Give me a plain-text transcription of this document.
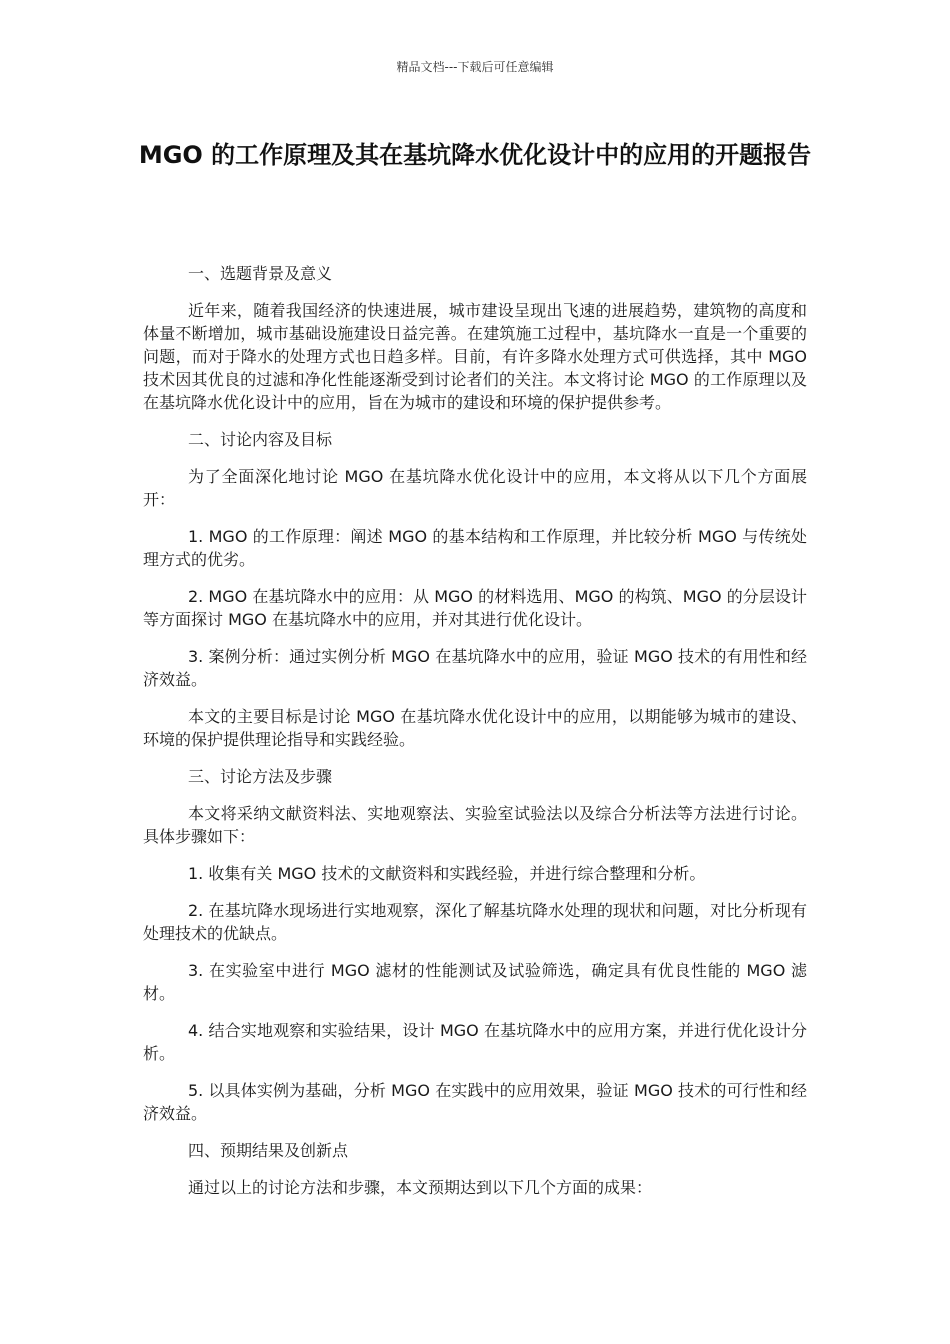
精品文档---下载后可任意编辑
MGO 的工作原理及其在基坑降水优化设计中的应用的开题报告

一、选题背景及意义

近年来，随着我国经济的快速进展，城市建设呈现出飞速的进展趋势，建筑物的高度和体量不断增加，城市基础设施建设日益完善。在建筑施工过程中，基坑降水一直是一个重要的问题，而对于降水的处理方式也日趋多样。目前，有许多降水处理方式可供选择，其中 MGO 技术因其优良的过滤和净化性能逐渐受到讨论者们的关注。本文将讨论 MGO 的工作原理以及在基坑降水优化设计中的应用，旨在为城市的建设和环境的保护提供参考。

二、讨论内容及目标

为了全面深化地讨论 MGO 在基坑降水优化设计中的应用，本文将从以下几个方面展开：

1. MGO 的工作原理：阐述 MGO 的基本结构和工作原理，并比较分析 MGO 与传统处理方式的优劣。

2. MGO 在基坑降水中的应用：从 MGO 的材料选用、MGO 的构筑、MGO 的分层设计等方面探讨 MGO 在基坑降水中的应用，并对其进行优化设计。

3. 案例分析：通过实例分析 MGO 在基坑降水中的应用，验证 MGO 技术的有用性和经济效益。

本文的主要目标是讨论 MGO 在基坑降水优化设计中的应用，以期能够为城市的建设、环境的保护提供理论指导和实践经验。

三、讨论方法及步骤

本文将采纳文献资料法、实地观察法、实验室试验法以及综合分析法等方法进行讨论。具体步骤如下：

1. 收集有关 MGO 技术的文献资料和实践经验，并进行综合整理和分析。

2. 在基坑降水现场进行实地观察，深化了解基坑降水处理的现状和问题，对比分析现有处理技术的优缺点。

3. 在实验室中进行 MGO 滤材的性能测试及试验筛选，确定具有优良性能的 MGO 滤材。

4. 结合实地观察和实验结果，设计 MGO 在基坑降水中的应用方案，并进行优化设计分析。

5. 以具体实例为基础，分析 MGO 在实践中的应用效果，验证 MGO 技术的可行性和经济效益。

四、预期结果及创新点

通过以上的讨论方法和步骤，本文预期达到以下几个方面的成果：
